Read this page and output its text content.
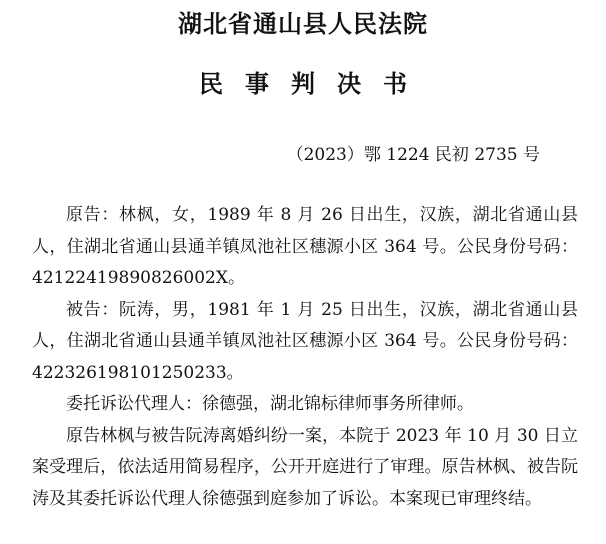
湖北省通山县人民法院
民事判决书
（2023）鄂 1224 民初 2735 号

原告：林枫，女，1989 年 8 月 26 日出生，汉族，湖北省通山县人，住湖北省通山县通羊镇凤池社区穗源小区 364 号。公民身份号码：42122419890826002X。

被告：阮涛，男，1981 年 1 月 25 日出生，汉族，湖北省通山县人，住湖北省通山县通羊镇凤池社区穗源小区 364 号。公民身份号码：422326198101250233。

委托诉讼代理人：徐德强，湖北锦标律师事务所律师。

原告林枫与被告阮涛离婚纠纷一案，本院于 2023 年 10 月 30 日立案受理后，依法适用简易程序，公开开庭进行了审理。原告林枫、被告阮涛及其委托诉讼代理人徐德强到庭参加了诉讼。本案现已审理终结。
